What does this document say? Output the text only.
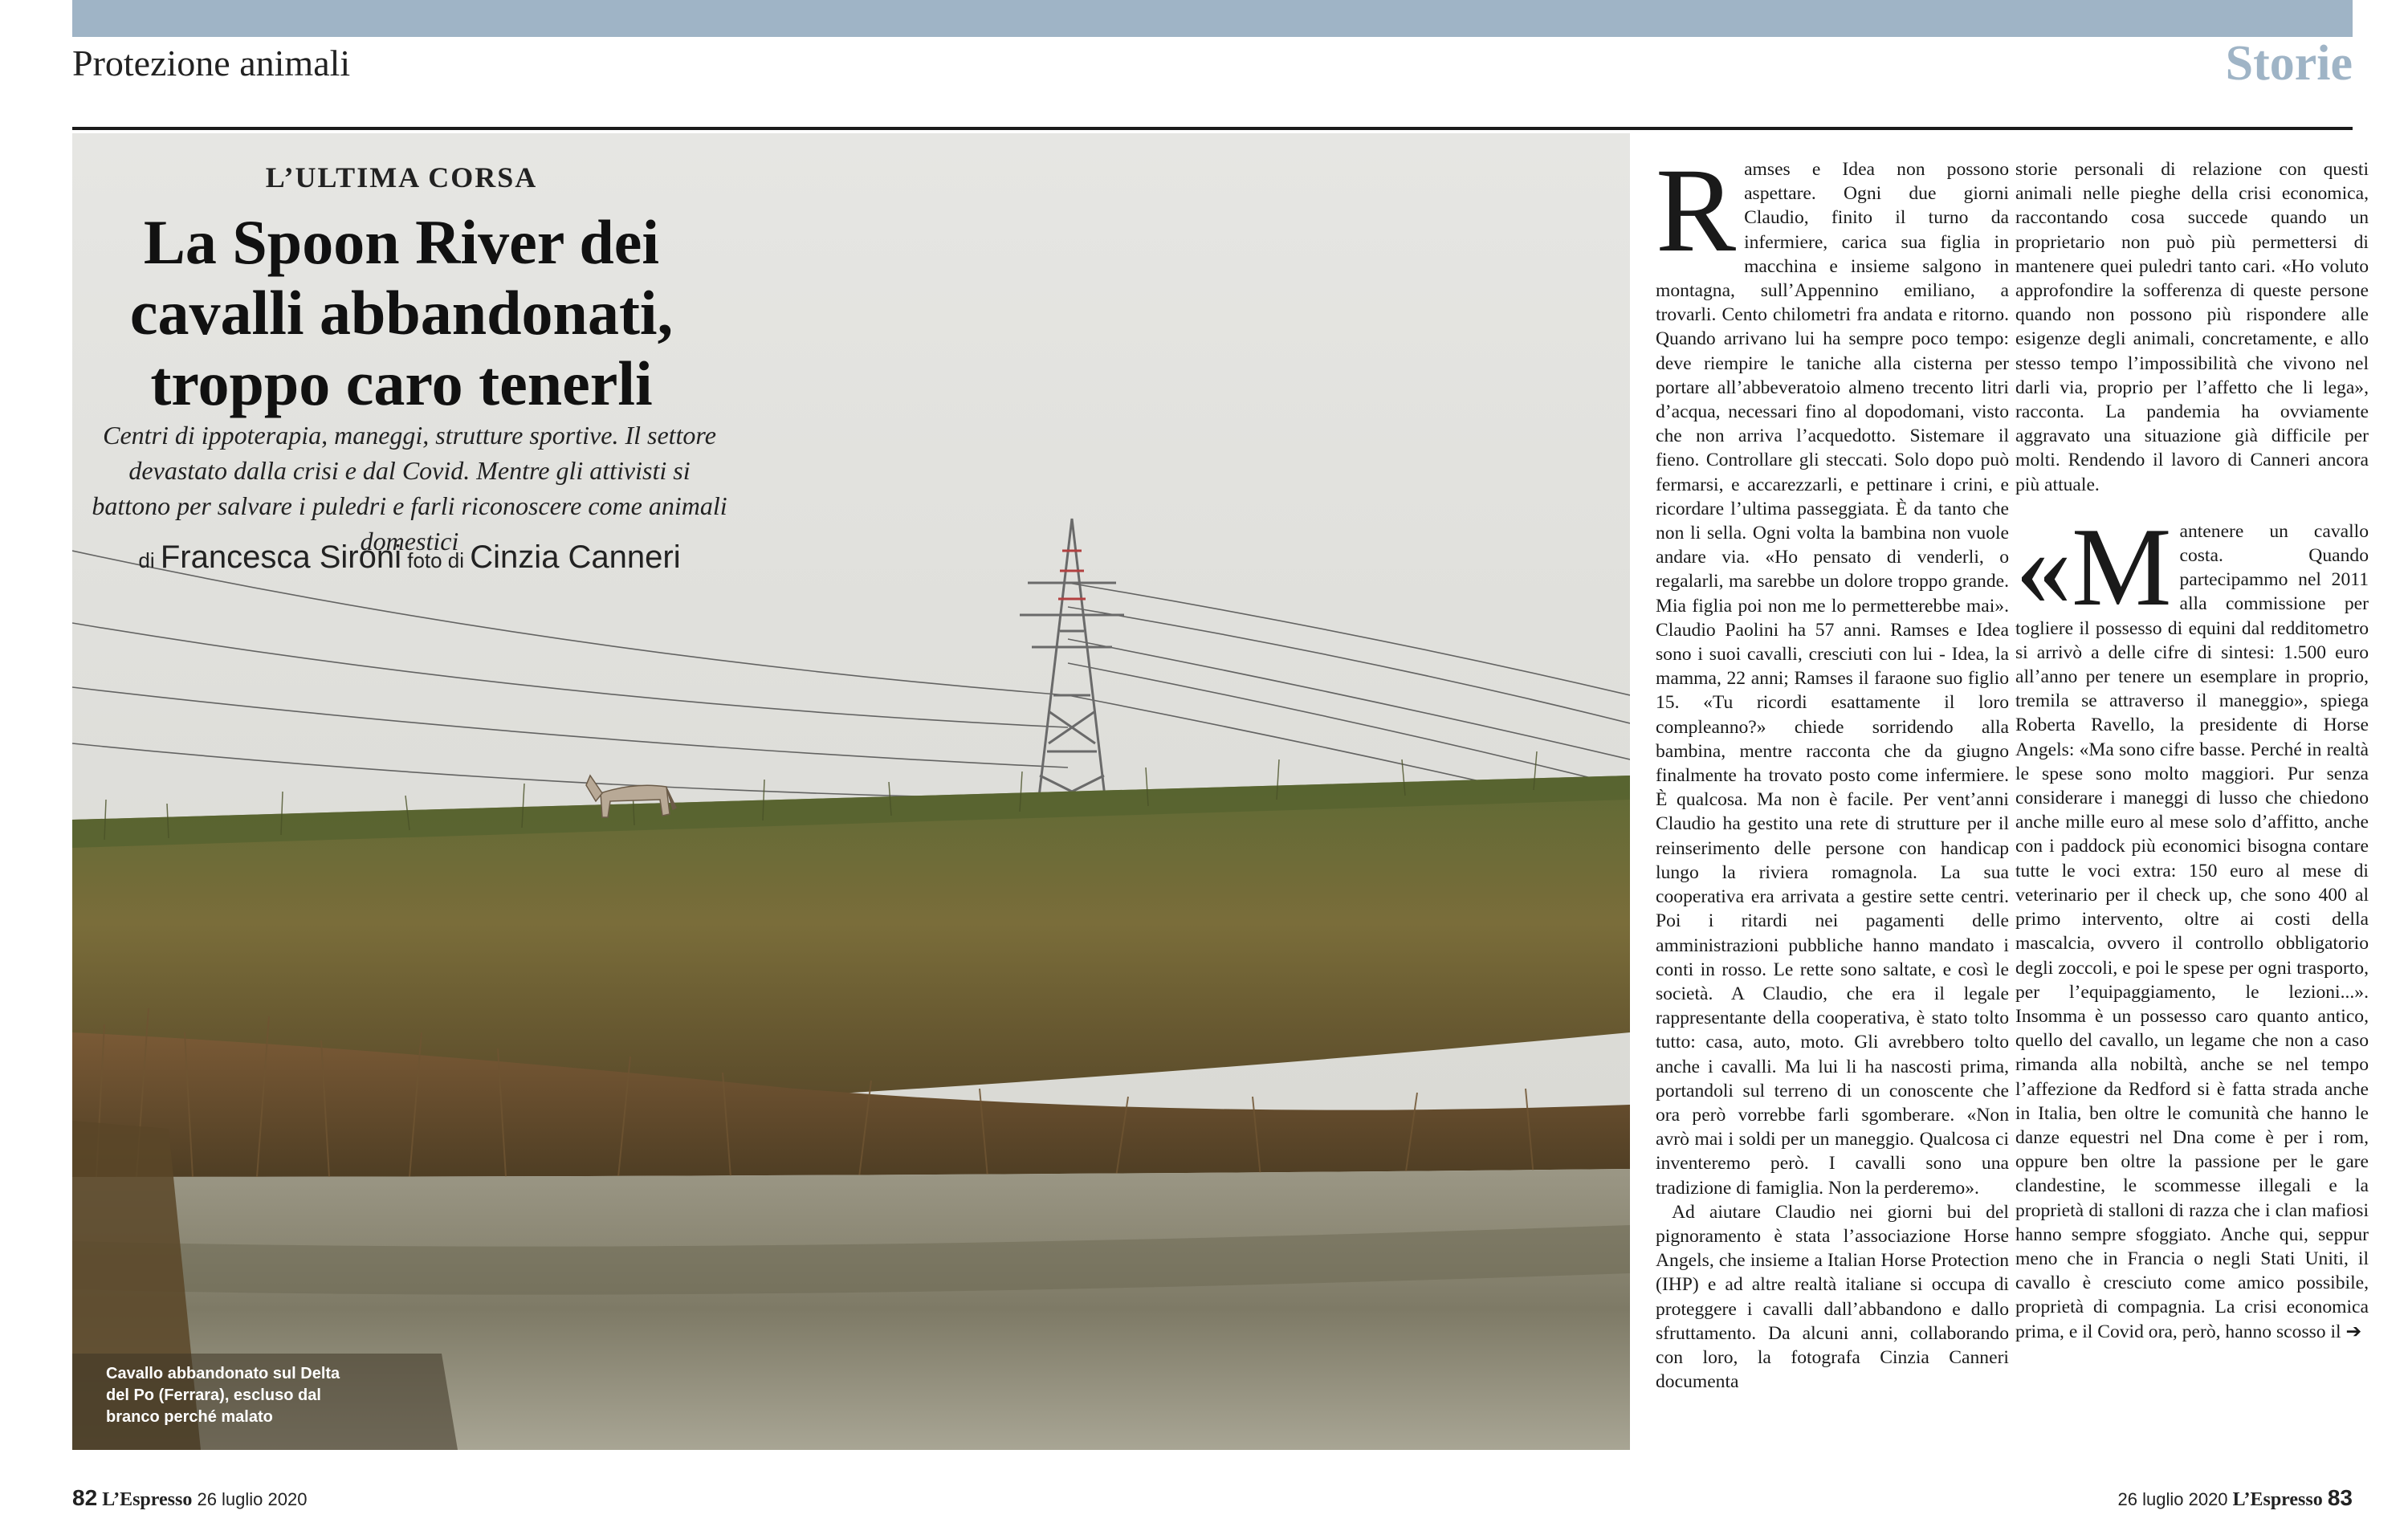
Protezione animali	Storie
L’ULTIMA CORSA
La Spoon River dei cavalli abbandonati, troppo caro tenerli
Centri di ippoterapia, maneggi, strutture sportive. Il settore devastato dalla crisi e dal Covid. Mentre gli attivisti si battono per salvare i puledri e farli riconoscere come animali domestici
di Francesca Sironi foto di Cinzia Canneri
Cavallo abbandonato sul Delta del Po (Ferrara), escluso dal branco perché malato

Ramses e Idea non possono aspettare. Ogni due giorni Claudio, finito il turno da infermiere, carica sua figlia in macchina e insieme salgono in montagna, sull’Appennino emiliano, a trovarli. Cento chilometri fra andata e ritorno. Quando arrivano lui ha sempre poco tempo: deve riempire le taniche alla cisterna per portare all’abbeveratoio almeno trecento litri d’acqua, necessari fino al dopodomani, visto che non arriva l’acquedotto. Sistemare il fieno. Controllare gli steccati. Solo dopo può fermarsi, e accarezzarli, e pettinare i crini, e ricordare l’ultima passeggiata. È da tanto che non li sella. Ogni volta la bambina non vuole andare via. «Ho pensato di venderli, o regalarli, ma sarebbe un dolore troppo grande. Mia figlia poi non me lo permetterebbe mai». Claudio Paolini ha 57 anni. Ramses e Idea sono i suoi cavalli, cresciuti con lui - Idea, la mamma, 22 anni; Ramses il faraone suo figlio 15. «Tu ricordi esattamente il loro compleanno?» chiede sorridendo alla bambina, mentre racconta che da giugno finalmente ha trovato posto come infermiere. È qualcosa. Ma non è facile. Per vent’anni Claudio ha gestito una rete di strutture per il reinserimento delle persone con handicap lungo la riviera romagnola. La sua cooperativa era arrivata a gestire sette centri. Poi i ritardi nei pagamenti delle amministrazioni pubbliche hanno mandato i conti in rosso. Le rette sono saltate, e così le società. A Claudio, che era il legale rappresentante della cooperativa, è stato tolto tutto: casa, auto, moto. Gli avrebbero tolto anche i cavalli. Ma lui li ha nascosti prima, portandoli sul terreno di un conoscente che ora però vorrebbe farli sgomberare. «Non avrò mai i soldi per un maneggio. Qualcosa ci inventeremo però. I cavalli sono una tradizione di famiglia. Non la perderemo».

Ad aiutare Claudio nei giorni bui del pignoramento è stata l’associazione Horse Angels, che insieme a Italian Horse Protection (IHP) e ad altre realtà italiane si occupa di proteggere i cavalli dall’abbandono e dallo sfruttamento. Da alcuni anni, collaborando con loro, la fotografa Cinzia Canneri documenta

storie personali di relazione con questi animali nelle pieghe della crisi economica, raccontando cosa succede quando un proprietario non può più permettersi di mantenere quei puledri tanto cari. «Ho voluto approfondire la sofferenza di queste persone quando non possono più rispondere alle esigenze degli animali, concretamente, e allo stesso tempo l’impossibilità che vivono nel darli via, proprio per l’affetto che li lega», racconta. La pandemia ha ovviamente aggravato una situazione già difficile per molti. Rendendo il lavoro di Canneri ancora più attuale.

«Mantenere un cavallo costa. Quando partecipammo nel 2011 alla commissione per togliere il possesso di equini dal redditometro si arrivò a delle cifre di sintesi: 1.500 euro all’anno per tenere un esemplare in proprio, tremila se attraverso il maneggio», spiega Roberta Ravello, la presidente di Horse Angels: «Ma sono cifre basse. Perché in realtà le spese sono molto maggiori. Pur senza considerare i maneggi di lusso che chiedono anche mille euro al mese solo d’affitto, anche con i paddock più economici bisogna contare tutte le voci extra: 150 euro al mese di veterinario per il check up, che sono 400 al primo intervento, oltre ai costi della mascalcia, ovvero il controllo obbligatorio degli zoccoli, e poi le spese per ogni trasporto, per l’equipaggiamento, le lezioni...». Insomma è un possesso caro quanto antico, quello del cavallo, un legame che non a caso rimanda alla nobiltà, anche se nel tempo l’affezione da Redford si è fatta strada anche in Italia, ben oltre le comunità che hanno le danze equestri nel Dna come è per i rom, oppure ben oltre la passione per le gare clandestine, le scommesse illegali e la proprietà di stalloni di razza che i clan mafiosi hanno sempre sfoggiato. Anche qui, seppur meno che in Francia o negli Stati Uniti, il cavallo è cresciuto come amico possibile, proprietà di compagnia. La crisi economica prima, e il Covid ora, però, hanno scosso il ➔

82 L’Espresso 26 luglio 2020	26 luglio 2020 L’Espresso 83
